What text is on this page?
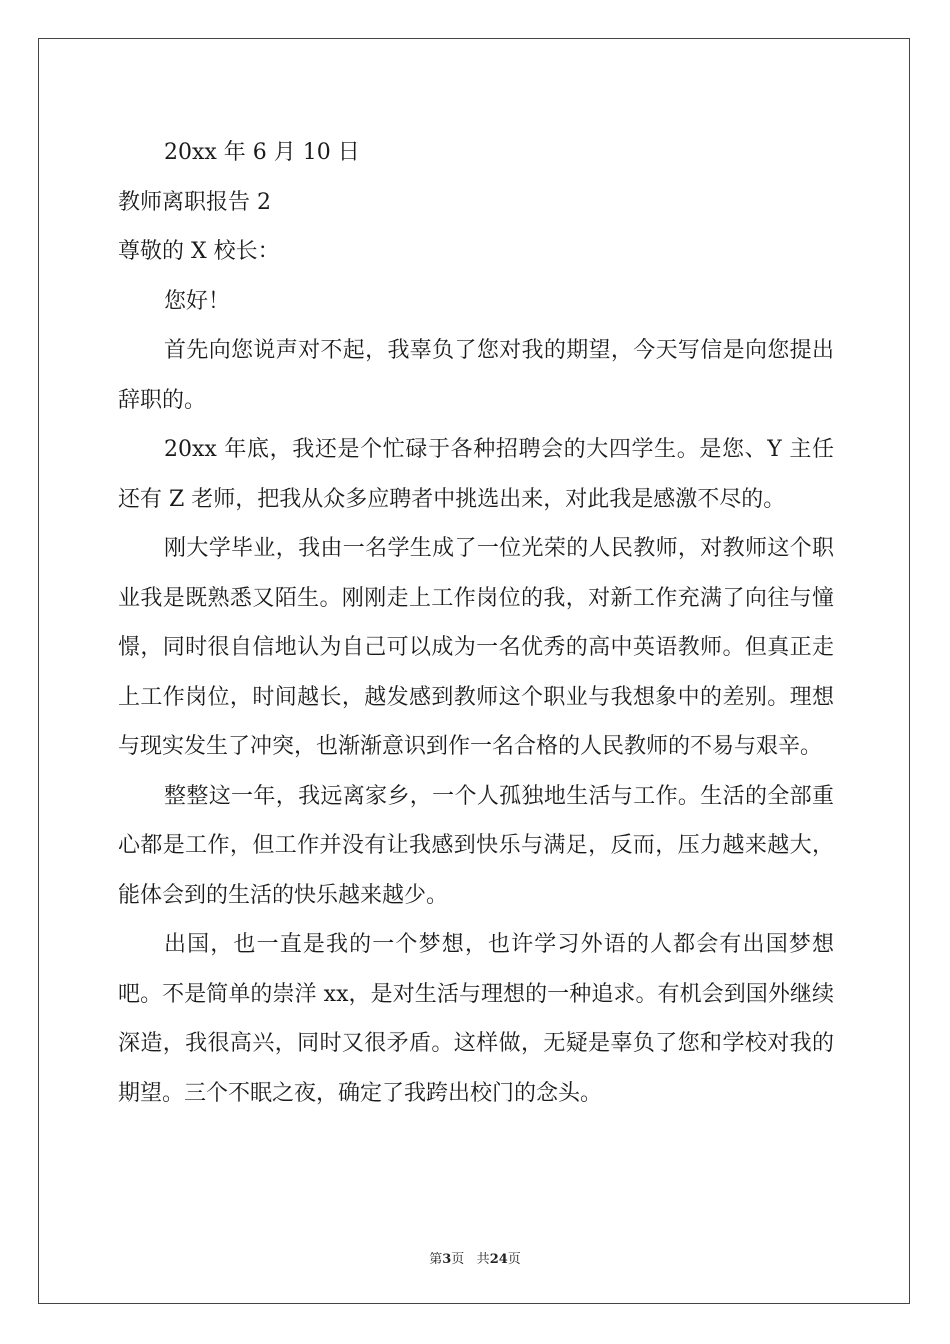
20xx 年 6 月 10 日

教师离职报告 2

尊敬的 X 校长：

您好！

首先向您说声对不起，我辜负了您对我的期望，今天写信是向您提出辞职的。

20xx 年底，我还是个忙碌于各种招聘会的大四学生。是您、Y 主任还有 Z 老师，把我从众多应聘者中挑选出来，对此我是感激不尽的。

刚大学毕业，我由一名学生成了一位光荣的人民教师，对教师这个职业我是既熟悉又陌生。刚刚走上工作岗位的我，对新工作充满了向往与憧憬，同时很自信地认为自己可以成为一名优秀的高中英语教师。但真正走上工作岗位，时间越长，越发感到教师这个职业与我想象中的差别。理想与现实发生了冲突，也渐渐意识到作一名合格的人民教师的不易与艰辛。

整整这一年，我远离家乡，一个人孤独地生活与工作。生活的全部重心都是工作，但工作并没有让我感到快乐与满足，反而，压力越来越大，能体会到的生活的快乐越来越少。

出国，也一直是我的一个梦想，也许学习外语的人都会有出国梦想吧。不是简单的崇洋 xx，是对生活与理想的一种追求。有机会到国外继续深造，我很高兴，同时又很矛盾。这样做，无疑是辜负了您和学校对我的期望。三个不眠之夜，确定了我跨出校门的念头。

第3页 共24页
